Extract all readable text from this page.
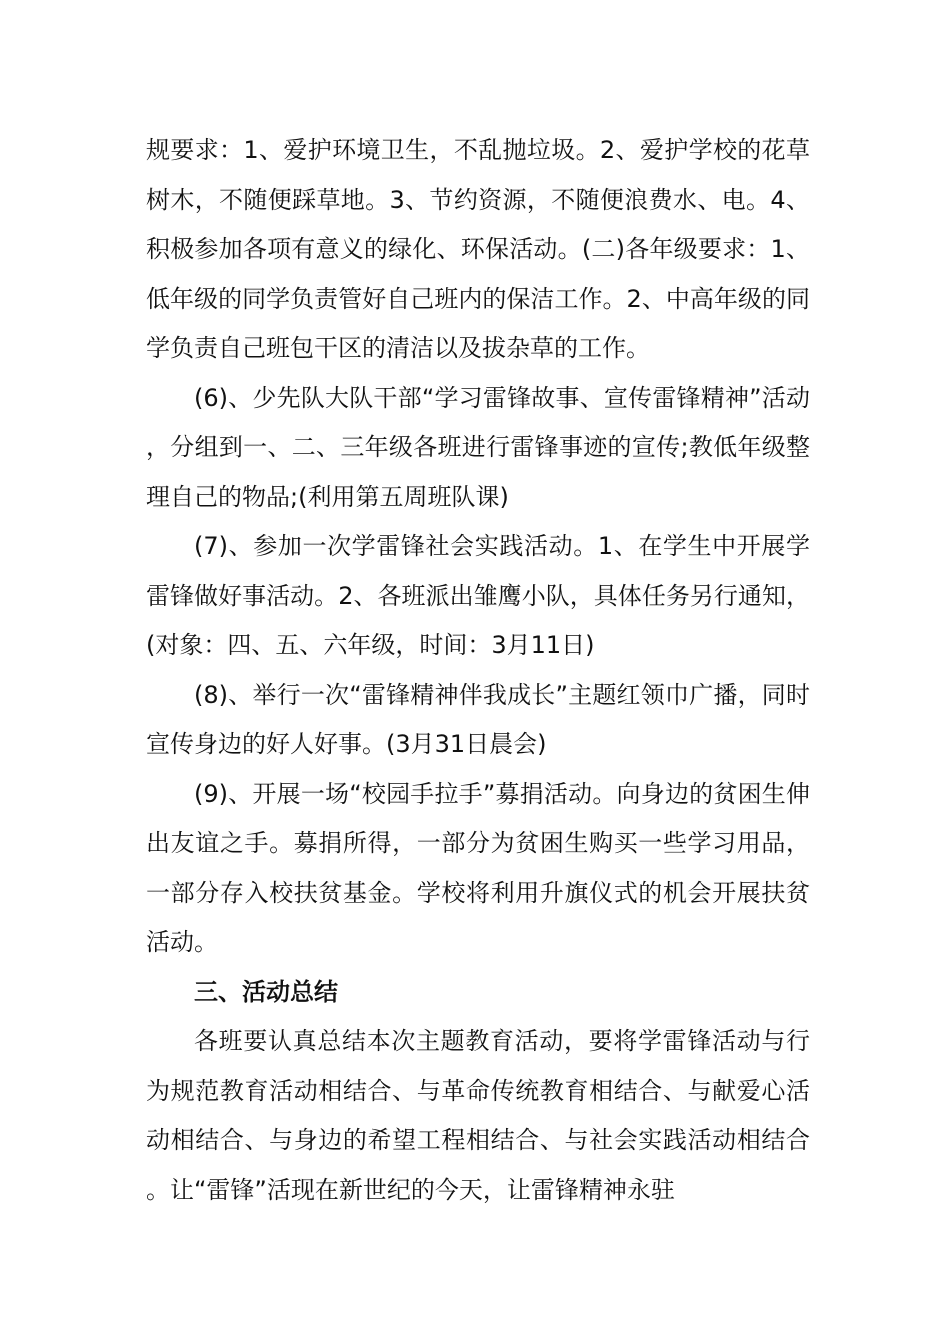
规要求：1、爱护环境卫生，不乱抛垃圾。2、爱护学校的花草树木，不随便踩草地。3、节约资源，不随便浪费水、电。4、积极参加各项有意义的绿化、环保活动。(二)各年级要求：1、低年级的同学负责管好自己班内的保洁工作。2、中高年级的同学负责自己班包干区的清洁以及拔杂草的工作。

(6)、少先队大队干部“学习雷锋故事、宣传雷锋精神”活动，分组到一、二、三年级各班进行雷锋事迹的宣传;教低年级整理自己的物品;(利用第五周班队课)

(7)、参加一次学雷锋社会实践活动。1、在学生中开展学雷锋做好事活动。2、各班派出雏鹰小队，具体任务另行通知，(对象：四、五、六年级，时间：3月11日)

(8)、举行一次“雷锋精神伴我成长”主题红领巾广播，同时宣传身边的好人好事。(3月31日晨会)

(9)、开展一场“校园手拉手”募捐活动。向身边的贫困生伸出友谊之手。募捐所得，一部分为贫困生购买一些学习用品，一部分存入校扶贫基金。学校将利用升旗仪式的机会开展扶贫活动。

三、活动总结

各班要认真总结本次主题教育活动，要将学雷锋活动与行为规范教育活动相结合、与革命传统教育相结合、与献爱心活动相结合、与身边的希望工程相结合、与社会实践活动相结合。让“雷锋”活现在新世纪的今天，让雷锋精神永驻
